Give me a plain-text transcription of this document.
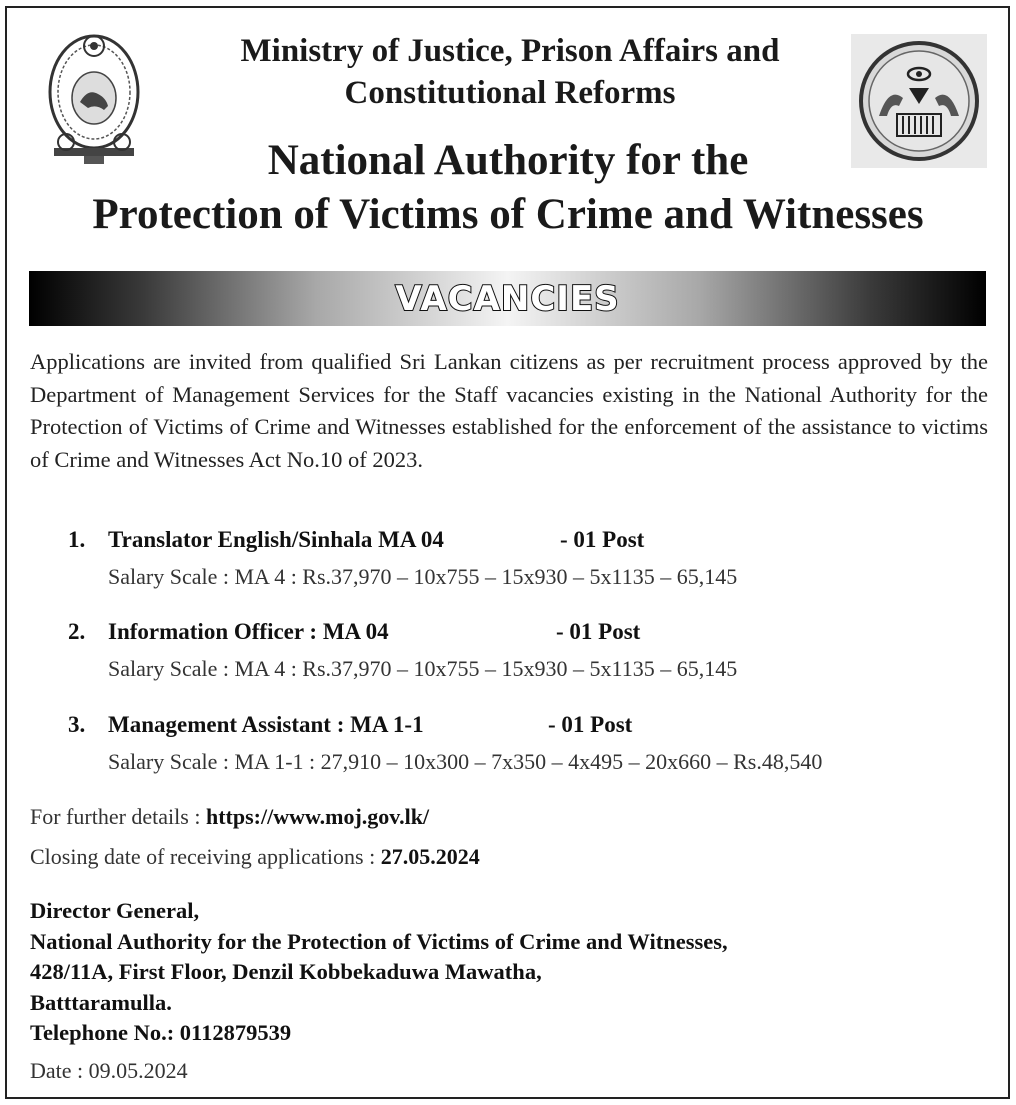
Ministry of Justice, Prison Affairs and
Constitutional Reforms
National Authority for the
Protection of Victims of Crime and Witnesses
VACANCIES

Applications are invited from qualified Sri Lankan citizens as per recruitment process approved by the Department of Management Services for the Staff vacancies existing in the National Authority for the Protection of Victims of Crime and Witnesses established for the enforcement of the assistance to victims of Crime and Witnesses Act No.10 of 2023.

1. Translator English/Sinhala MA 04	- 01 Post
Salary Scale : MA 4 : Rs.37,970 – 10x755 – 15x930 – 5x1135 – 65,145
2. Information Officer : MA 04	- 01 Post
Salary Scale : MA 4 : Rs.37,970 – 10x755 – 15x930 – 5x1135 – 65,145
3. Management Assistant : MA 1-1	- 01 Post
Salary Scale : MA 1-1 : 27,910 – 10x300 – 7x350 – 4x495 – 20x660 – Rs.48,540
For further details : https://www.moj.gov.lk/
Closing date of receiving applications : 27.05.2024
Director General,
National Authority for the Protection of Victims of Crime and Witnesses,
428/11A, First Floor, Denzil Kobbekaduwa Mawatha,
Batttaramulla.
Telephone No.: 0112879539
Date : 09.05.2024
